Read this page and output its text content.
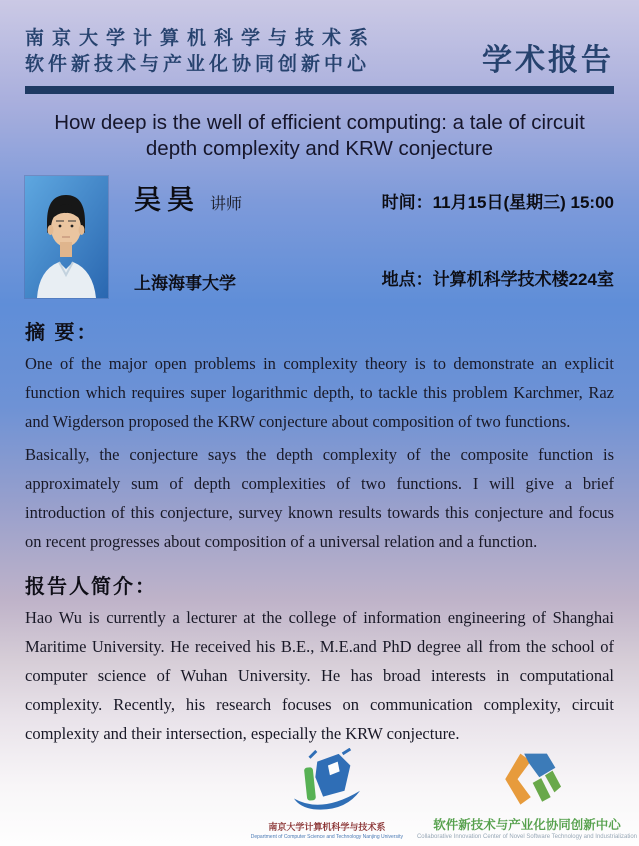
南京大学计算机科学与技术系
软件新技术与产业化协同创新中心	学术报告
How deep is the well of efficient computing: a tale of circuit depth complexity and KRW conjecture
吴昊 讲师
上海海事大学
时间：11月15日(星期三) 15:00
地点：计算机科学技术楼224室
摘 要：

One of the major open problems in complexity theory is to demonstrate an explicit function which requires super logarithmic depth, to tackle this problem Karchmer, Raz and Wigderson proposed the KRW conjecture about composition of two functions.

Basically, the conjecture says the depth complexity of the composite function is approximately sum of depth complexities of two functions. I will give a brief introduction of this conjecture, survey known results towards this conjecture and focus on recent progresses about composition of a universal relation and a function.

报告人简介：

Hao Wu is currently a lecturer at the college of information engineering of Shanghai Maritime University. He received his B.E., M.E.and PhD degree all from the school of computer science of Wuhan University. He has broad interests in computational complexity. Recently, his research focuses on communication complexity, circuit complexity and their intersection, especially the KRW conjecture.

南京大学计算机科学与技术系
Department of Computer Science and Technology Nanjing University
软件新技术与产业化协同创新中心
Collaborative Innovation Center of Novel Software Technology and Industrialization
